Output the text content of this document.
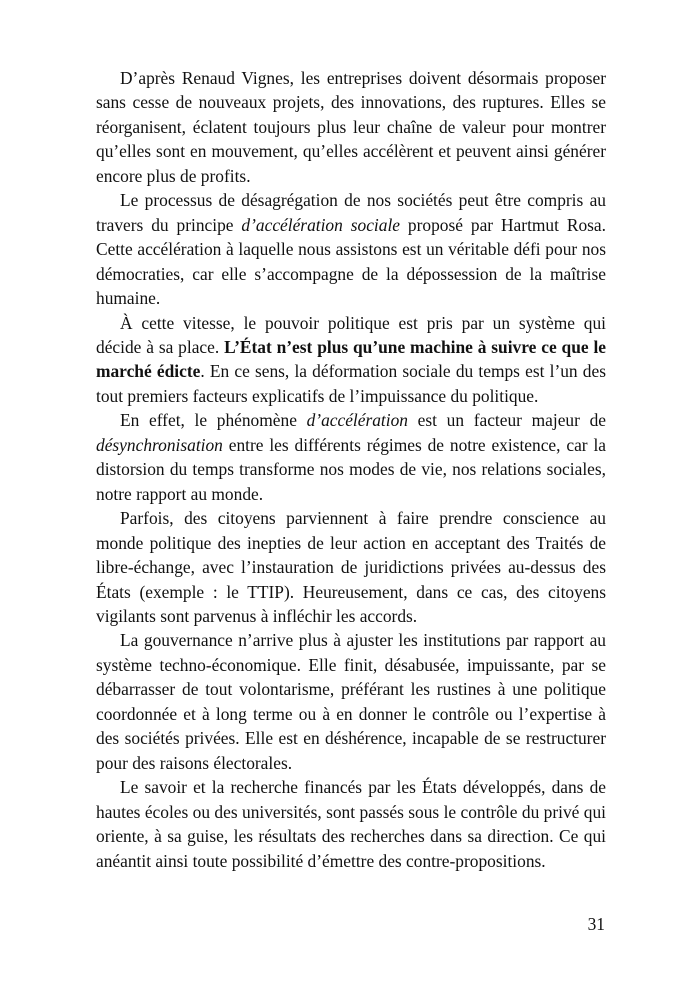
D’après Renaud Vignes, les entreprises doivent désormais proposer sans cesse de nouveaux projets, des innovations, des ruptures. Elles se réorganisent, éclatent toujours plus leur chaîne de valeur pour montrer qu’elles sont en mouvement, qu’elles accélèrent et peuvent ainsi générer encore plus de profits.

Le processus de désagrégation de nos sociétés peut être compris au travers du principe d’accélération sociale proposé par Hartmut Rosa. Cette accélération à laquelle nous assistons est un véritable défi pour nos démocraties, car elle s’accompagne de la dépossession de la maîtrise humaine.

À cette vitesse, le pouvoir politique est pris par un système qui décide à sa place. L’État n’est plus qu’une machine à suivre ce que le marché édicte. En ce sens, la déformation sociale du temps est l’un des tout premiers facteurs explicatifs de l’impuissance du politique.

En effet, le phénomène d’accélération est un facteur majeur de désynchronisation entre les différents régimes de notre existence, car la distorsion du temps transforme nos modes de vie, nos relations sociales, notre rapport au monde.

Parfois, des citoyens parviennent à faire prendre conscience au monde politique des inepties de leur action en acceptant des Traités de libre-échange, avec l’instauration de juridictions privées au-dessus des États (exemple : le TTIP). Heureusement, dans ce cas, des citoyens vigilants sont parvenus à infléchir les accords.

La gouvernance n’arrive plus à ajuster les institutions par rapport au système techno-économique. Elle finit, désabusée, impuissante, par se débarrasser de tout volontarisme, préférant les rustines à une politique coordonnée et à long terme ou à en donner le contrôle ou l’expertise à des sociétés privées. Elle est en déshérence, incapable de se restructurer pour des raisons électorales.

Le savoir et la recherche financés par les États développés, dans de hautes écoles ou des universités, sont passés sous le contrôle du privé qui oriente, à sa guise, les résultats des recherches dans sa direction. Ce qui anéantit ainsi toute possibilité d’émettre des contre-propositions.

31
